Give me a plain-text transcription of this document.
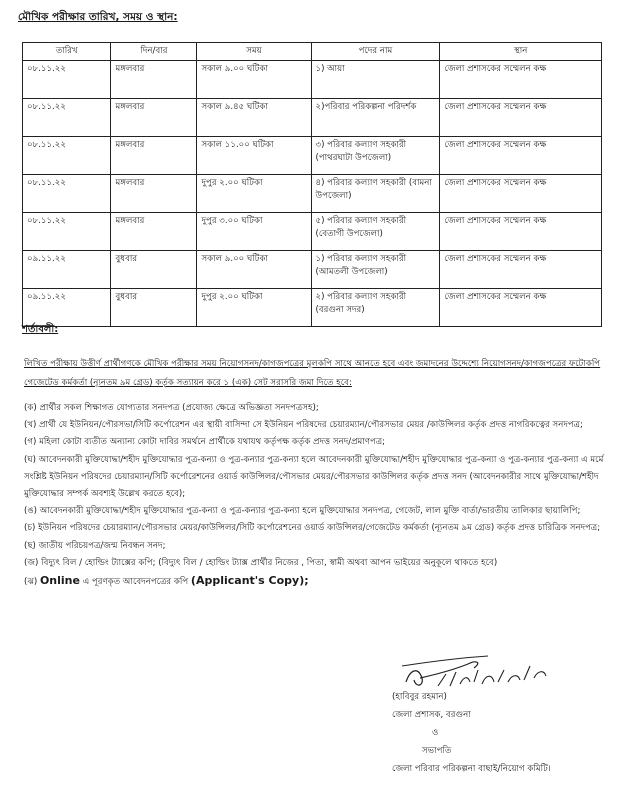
মৌখিক পরীক্ষার তারিখ, সময় ও স্থান:
তারিখ	দিন/বার	সময়	পদের নাম	স্থান
০৮.১১.২২	মঙ্গলবার	সকাল ৯.০০ ঘটিকা	১) আয়া	জেলা প্রশাসকের সম্মেলন কক্ষ
০৮.১১.২২	মঙ্গলবার	সকাল ৯.৪৫ ঘটিকা	২)পরিবার পরিকল্পনা পরিদর্শক	জেলা প্রশাসকের সম্মেলন কক্ষ
০৮.১১.২২	মঙ্গলবার	সকাল ১১.০০ ঘটিকা	৩) পরিবার কল্যাণ সহকারী (পাথরঘাটা উপজেলা)	জেলা প্রশাসকের সম্মেলন কক্ষ
০৮.১১.২২	মঙ্গলবার	দুপুর ২.০০ ঘটিকা	৪) পরিবার কল্যাণ সহকারী (বামনা উপজেলা)	জেলা প্রশাসকের সম্মেলন কক্ষ
০৮.১১.২২	মঙ্গলবার	দুপুর ৩.০০ ঘটিকা	৫) পরিবার কল্যাণ সহকারী (বেতাগী উপজেলা)	জেলা প্রশাসকের সম্মেলন কক্ষ
০৯.১১.২২	বুধবার	সকাল ৯.০০ ঘটিকা	১) পরিবার কল্যাণ সহকারী (আমতলী উপজেলা)	জেলা প্রশাসকের সম্মেলন কক্ষ
০৯.১১.২২	বুধবার	দুপুর ২.০০ ঘটিকা	২) পরিবার কল্যাণ সহকারী (বরগুনা সদর)	জেলা প্রশাসকের সম্মেলন কক্ষ
শর্তাবলী:
লিখিত পরীক্ষায় উত্তীর্ণ প্রার্থীগণকে মৌখিক পরীক্ষার সময় নিয়োগসনদ/কাগজপত্রের মূলকপি সাথে আনতে হবে এবং জমাদনের উদ্দেশ্যে নিয়োগসনদ/কাগজপত্রের ফটোকপি গেজেটেড কর্মকর্তা (ন্যূনতম ৯ম গ্রেড) কর্তৃক সত্যায়ন করে ১ (এক) সেট সরাসরি জমা দিতে হবে:

(ক) প্রার্থীর সকল শিক্ষাগত যোগ্যতার সনদপত্র (প্রযোজ্য ক্ষেত্রে অভিজ্ঞতা সনদপত্রসহ);

(খ) প্রার্থী যে ইউনিয়ন/পৌরসভা/সিটি কর্পোরেশন এর স্থায়ী বাসিন্দা সে ইউনিয়ন পরিষদের চেয়ারম্যান/পৌরসভার মেয়র /কাউন্সিলর কর্তৃক প্রদত্ত নাগরিকত্বের সনদপত্র;

(গ) মহিলা কোটা ব্যতীত অন্যান্য কোটা দাবির সমর্থনে প্রার্থীকে যথাযথ কর্তৃপক্ষ কর্তৃক প্রদত্ত সনদ/প্রমাণপত্র;

(ঘ) আবেদনকারী মুক্তিযোদ্ধা/শহীদ মুক্তিযোদ্ধার পুত্র-কন্যা ও পুত্র-কন্যার পুত্র-কন্যা হলে আবেদনকারী মুক্তিযোদ্ধা/শহীদ মুক্তিযোদ্ধার পুত্র-কন্যা ও পুত্র-কন্যার পুত্র-কন্যা এ মর্মে সংশ্লিষ্ট ইউনিয়ন পরিষদের চেয়ারম্যান/সিটি কর্পোরেশনের ওয়ার্ড কাউন্সিলর/পৌসভার মেয়র/পৌরসভার কাউন্সিলর কর্তৃক প্রদত্ত সনদ (আবেদনকারীর সাথে মুক্তিযোদ্ধা/শহীদ মুক্তিযোদ্ধার সম্পর্ক অবশ্যই উল্লেখ করতে হবে);

(ঙ) আবেদনকারী মুক্তিযোদ্ধা/শহীদ মুক্তিযোদ্ধার পুত্র-কন্যা ও পুত্র-কন্যার পুত্র-কন্যা হলে মুক্তিযোদ্ধার সনদপত্র, গেজেট, লাল মুক্তি বার্তা/ভারতীয় তালিকার ছায়ালিপি;

(চ) ইউনিয়ন পরিষদের চেয়ারম্যান/পৌরসভার মেয়র/কাউন্সিলর/সিটি কর্পোরেশনের ওয়ার্ড কাউন্সিলর/গেজেটেড কর্মকর্তা (ন্যূনতম ৯ম গ্রেড) কর্তৃক প্রদত্ত চারিত্রিক সনদপত্র;

(ছ) জাতীয় পরিচয়পত্র/জন্ম নিবন্ধন সনদ;

(জ) বিদ্যুৎ বিল / হোল্ডিং ট্যাক্সের কপি; (বিদ্যুৎ বিল / হোল্ডিং ট্যাক্স প্রার্থীর নিজের , পিতা, স্বামী অথবা আপন ভাইয়ের অনুকূলে থাকতে হবে)

(ঝ) Online এ পূরণকৃত আবেদনপত্রের কপি (Applicant's Copy);

(হাবিবুর রহমান)
জেলা প্রশাসক, বরগুনা
ও
সভাপতি
জেলা পরিবার পরিকল্পনা বাছাই/নিয়োগ কমিটি।
